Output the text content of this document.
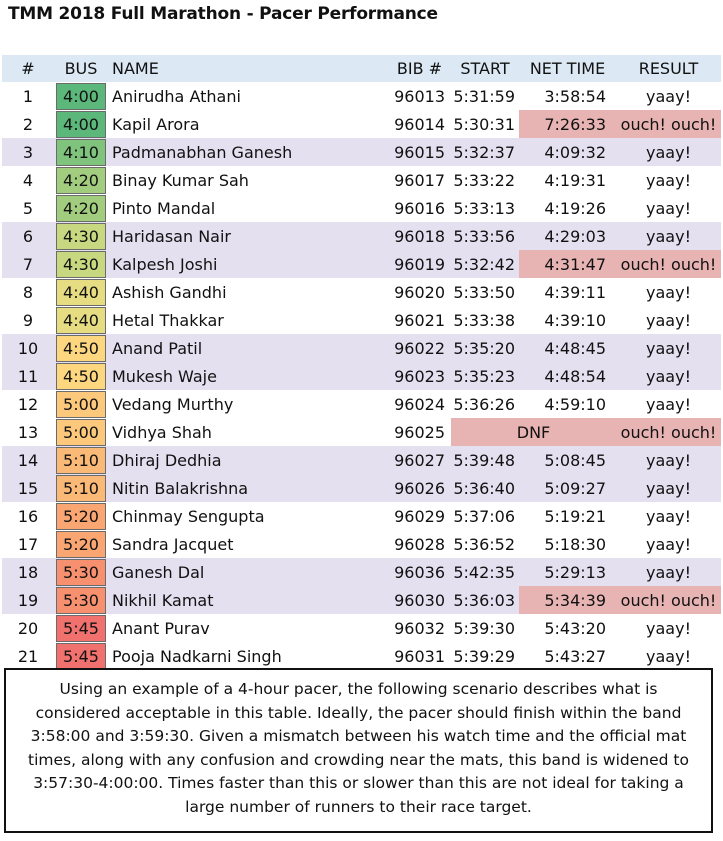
TMM 2018 Full Marathon - Pacer Performance
#	BUS	NAME	BIB #	START	NET TIME	RESULT
1	4:00	Anirudha Athani	96013	5:31:59	3:58:54	yaay!
2	4:00	Kapil Arora	96014	5:30:31	7:26:33	ouch! ouch!
3	4:10	Padmanabhan Ganesh	96015	5:32:37	4:09:32	yaay!
4	4:20	Binay Kumar Sah	96017	5:33:22	4:19:31	yaay!
5	4:20	Pinto Mandal	96016	5:33:13	4:19:26	yaay!
6	4:30	Haridasan Nair	96018	5:33:56	4:29:03	yaay!
7	4:30	Kalpesh Joshi	96019	5:32:42	4:31:47	ouch! ouch!
8	4:40	Ashish Gandhi	96020	5:33:50	4:39:11	yaay!
9	4:40	Hetal Thakkar	96021	5:33:38	4:39:10	yaay!
10	4:50	Anand Patil	96022	5:35:20	4:48:45	yaay!
11	4:50	Mukesh Waje	96023	5:35:23	4:48:54	yaay!
12	5:00	Vedang Murthy	96024	5:36:26	4:59:10	yaay!
13	5:00	Vidhya Shah	96025	DNF		ouch! ouch!
14	5:10	Dhiraj Dedhia	96027	5:39:48	5:08:45	yaay!
15	5:10	Nitin Balakrishna	96026	5:36:40	5:09:27	yaay!
16	5:20	Chinmay Sengupta	96029	5:37:06	5:19:21	yaay!
17	5:20	Sandra Jacquet	96028	5:36:52	5:18:30	yaay!
18	5:30	Ganesh Dal	96036	5:42:35	5:29:13	yaay!
19	5:30	Nikhil Kamat	96030	5:36:03	5:34:39	ouch! ouch!
20	5:45	Anant Purav	96032	5:39:30	5:43:20	yaay!
21	5:45	Pooja Nadkarni Singh	96031	5:39:29	5:43:27	yaay!
Using an example of a 4-hour pacer, the following scenario describes what is considered acceptable in this table. Ideally, the pacer should finish within the band 3:58:00 and 3:59:30. Given a mismatch between his watch time and the official mat times, along with any confusion and crowding near the mats, this band is widened to 3:57:30-4:00:00. Times faster than this or slower than this are not ideal for taking a large number of runners to their race target.
